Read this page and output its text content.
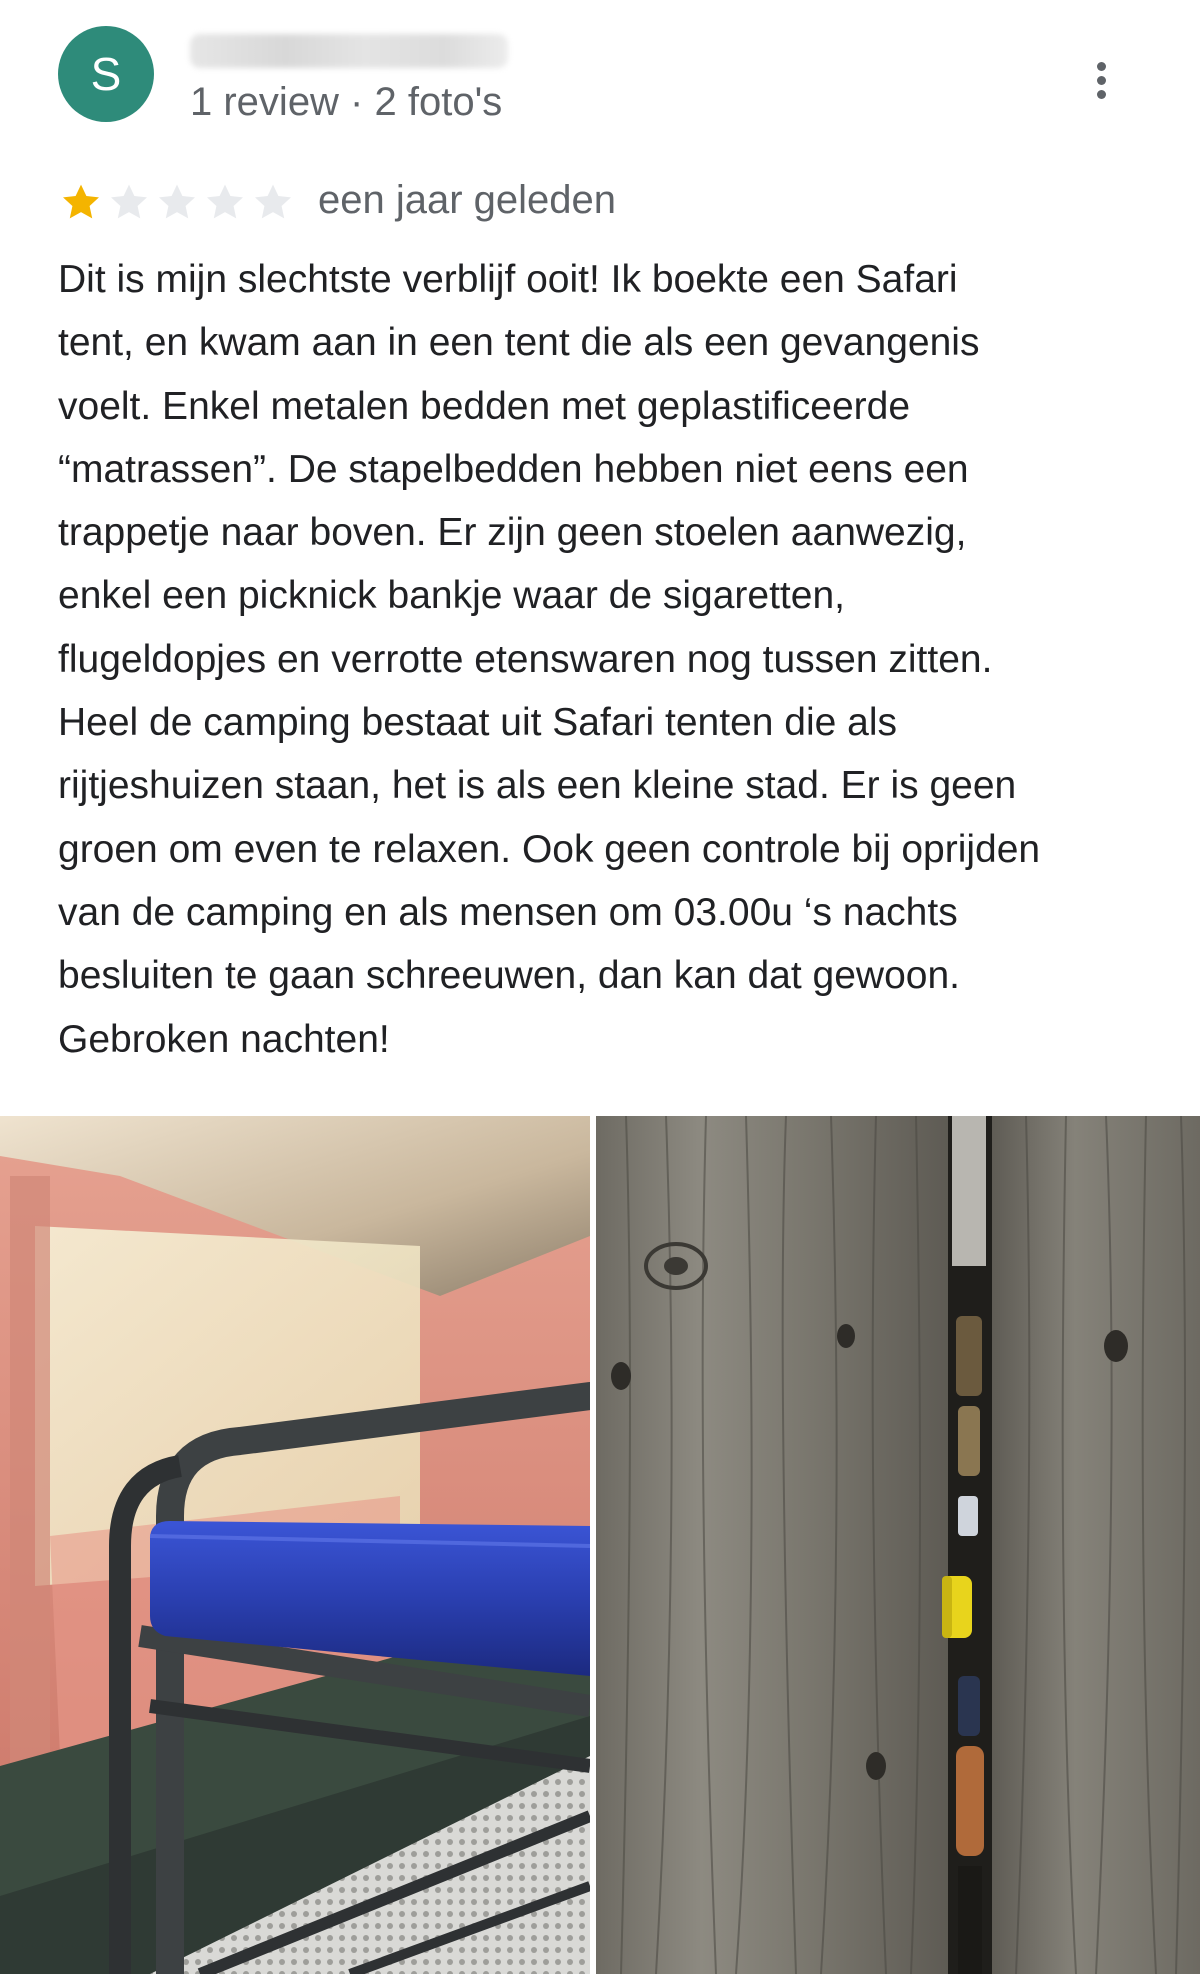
S
1 review · 2 foto's
een jaar geleden

Dit is mijn slechtste verblijf ooit! Ik boekte een Safari
tent, en kwam aan in een tent die als een gevangenis
voelt. Enkel metalen bedden met geplastificeerde
“matrassen”. De stapelbedden hebben niet eens een
trappetje naar boven. Er zijn geen stoelen aanwezig,
enkel een picknick bankje waar de sigaretten,
flugeldopjes en verrotte etenswaren nog tussen zitten.
Heel de camping bestaat uit Safari tenten die als
rijtjeshuizen staan, het is als een kleine stad. Er is geen
groen om even te relaxen. Ook geen controle bij oprijden
van de camping en als mensen om 03.00u ‘s nachts
besluiten te gaan schreeuwen, dan kan dat gewoon.
Gebroken nachten!
